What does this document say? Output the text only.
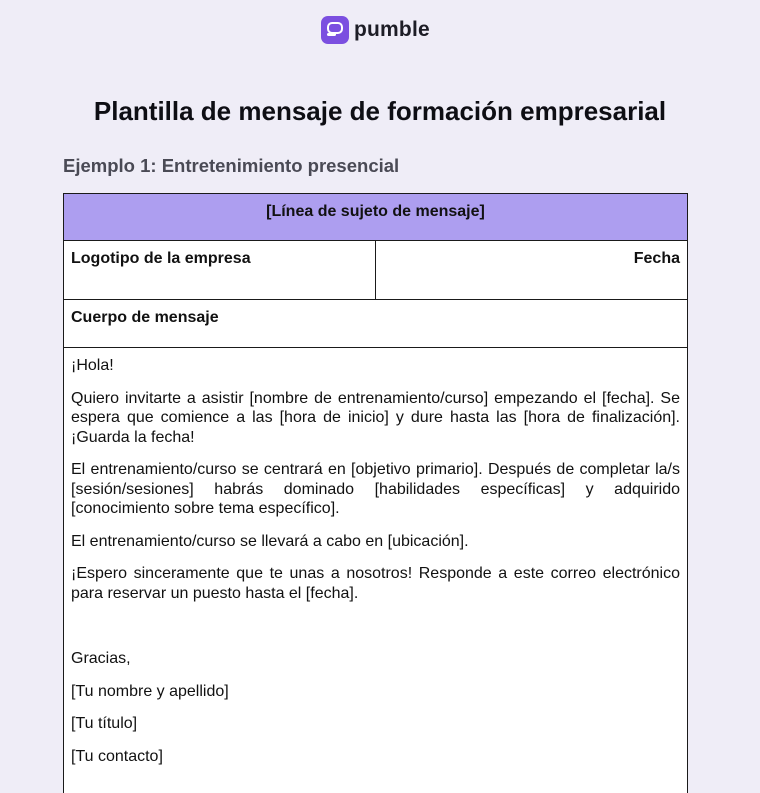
pumble
Plantilla de mensaje de formación empresarial
Ejemplo 1: Entretenimiento presencial
[Línea de sujeto de mensaje]
Logotipo de la empresa	Fecha
Cuerpo de mensaje

¡Hola!

Quiero invitarte a asistir [nombre de entrenamiento/curso] empezando el [fecha]. Se espera que comience a las [hora de inicio] y dure hasta las [hora de finalización]. ¡Guarda la fecha!

El entrenamiento/curso se centrará en [objetivo primario]. Después de completar la/s [sesión/sesiones] habrás dominado [habilidades específicas] y adquirido [conocimiento sobre tema específico].

El entrenamiento/curso se llevará a cabo en [ubicación].

¡Espero sinceramente que te unas a nosotros! Responde a este correo electrónico para reservar un puesto hasta el [fecha].

Gracias,

[Tu nombre y apellido]

[Tu título]

[Tu contacto]
